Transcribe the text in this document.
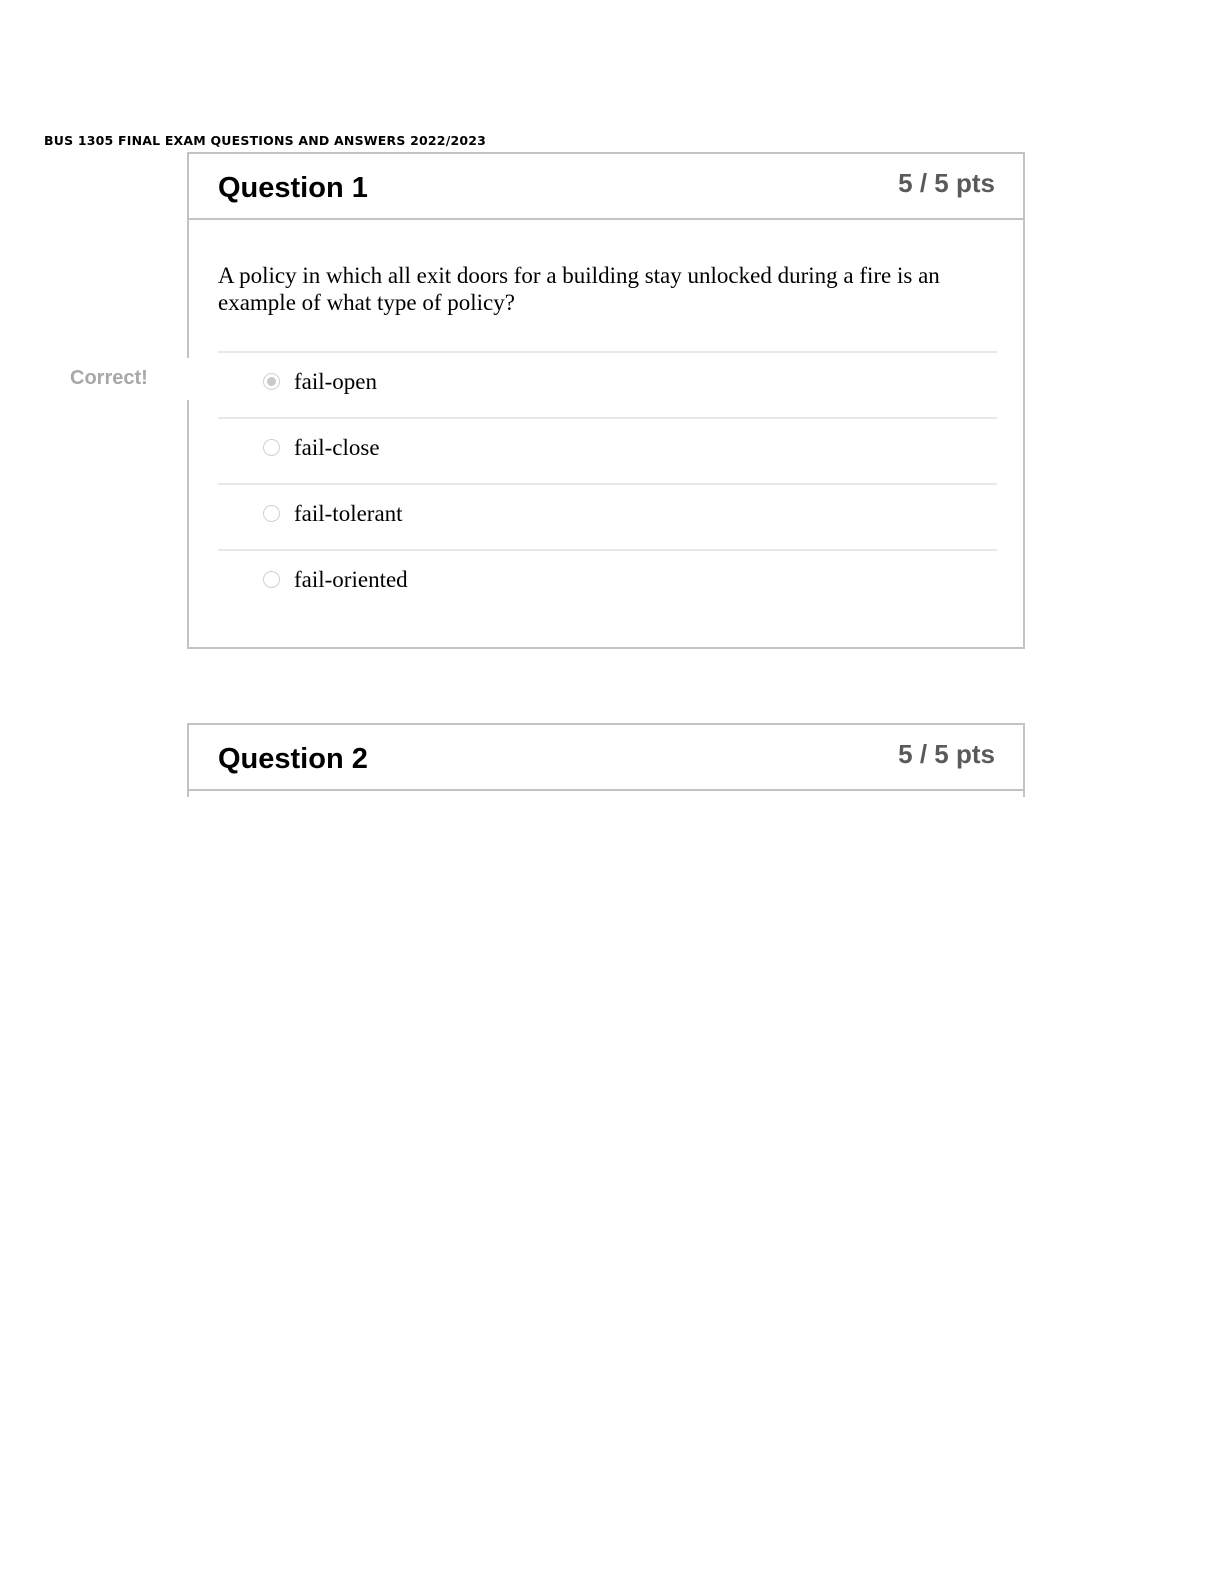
BUS 1305 FINAL EXAM QUESTIONS AND ANSWERS 2022/2023
Question 1	5 / 5 pts
A policy in which all exit doors for a building stay unlocked during a fire is an example of what type of policy?
fail-open
fail-close
fail-tolerant
fail-oriented
Correct!
Question 2	5 / 5 pts
